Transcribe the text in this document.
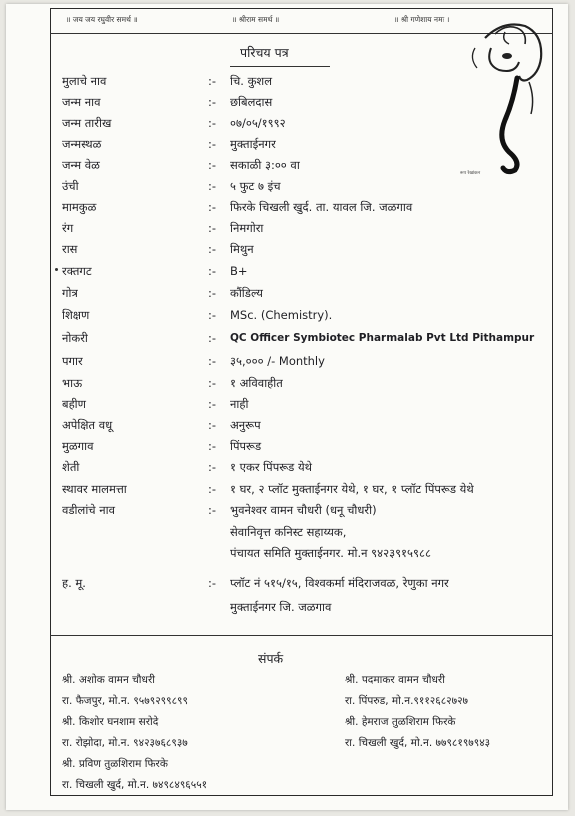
॥ जय जय रघुवीर समर्थ ॥	॥ श्रीराम समर्थ ॥	॥ श्री गणेशाय नमः ।
रूप रेखांकन
परिचय पत्र
मुलाचे नाव	:- चि. कुशल
जन्म नाव	:- छबिलदास
जन्म तारीख	:- ०७/०५/१९९२
जन्मस्थळ	:- मुक्ताईनगर
जन्म वेळ	:- सकाळी ३:०० वा
उंची	:- ५ फुट ७ इंच
मामकुळ	:- फिरके चिखली खुर्द. ता. यावल जि. जळगाव
रंग	:- निमगोरा
रास	:- मिथुन
रक्तगट	:- B+
गोत्र	:- कौंडिल्य
शिक्षण	:- MSc. (Chemistry).
नोकरी	:- QC Officer Symbiotec Pharmalab Pvt Ltd Pithampur
पगार	:- ३५,००० /- Monthly
भाऊ	:- १ अविवाहीत
बहीण	:- नाही
अपेक्षित वधू	:- अनुरूप
मुळगाव	:- पिंपरूड
शेती	:- १ एकर पिंपरूड येथे
स्थावर मालमत्ता	:- १ घर, २ प्लॉट मुक्ताईनगर येथे, १ घर, १ प्लॉट पिंपरूड येथे
वडीलांचे नाव	:- भुवनेश्वर वामन चौधरी (धनू चौधरी)
सेवानिवृत्त कनिस्ट सहाय्यक,
पंचायत समिति मुक्ताईनगर. मो.न ९४२३९१५९८८
ह. मू.	:- प्लॉट नं ५१५/१५, विश्वकर्मा मंदिराजवळ, रेणुका नगर
मुक्ताईनगर जि. जळगाव
संपर्क
श्री. अशोक वामन चौधरी
रा. फैजपुर, मो.न. ९५७९२९९८९९
श्री. किशोर घनशाम सरोदे
रा. रोझोदा, मो.न. ९४२३७६८९३७
श्री. प्रविण तुळशिराम फिरके
रा. चिखली खुर्द, मो.न. ७४९८४९६५५१
श्री. पदमाकर वामन चौधरी
रा. पिंपरुड, मो.न.९११२६८२७२७
श्री. हेमराज तुळशिराम फिरके
रा. चिखली खुर्द, मो.न. ७७९८१९७९४३
